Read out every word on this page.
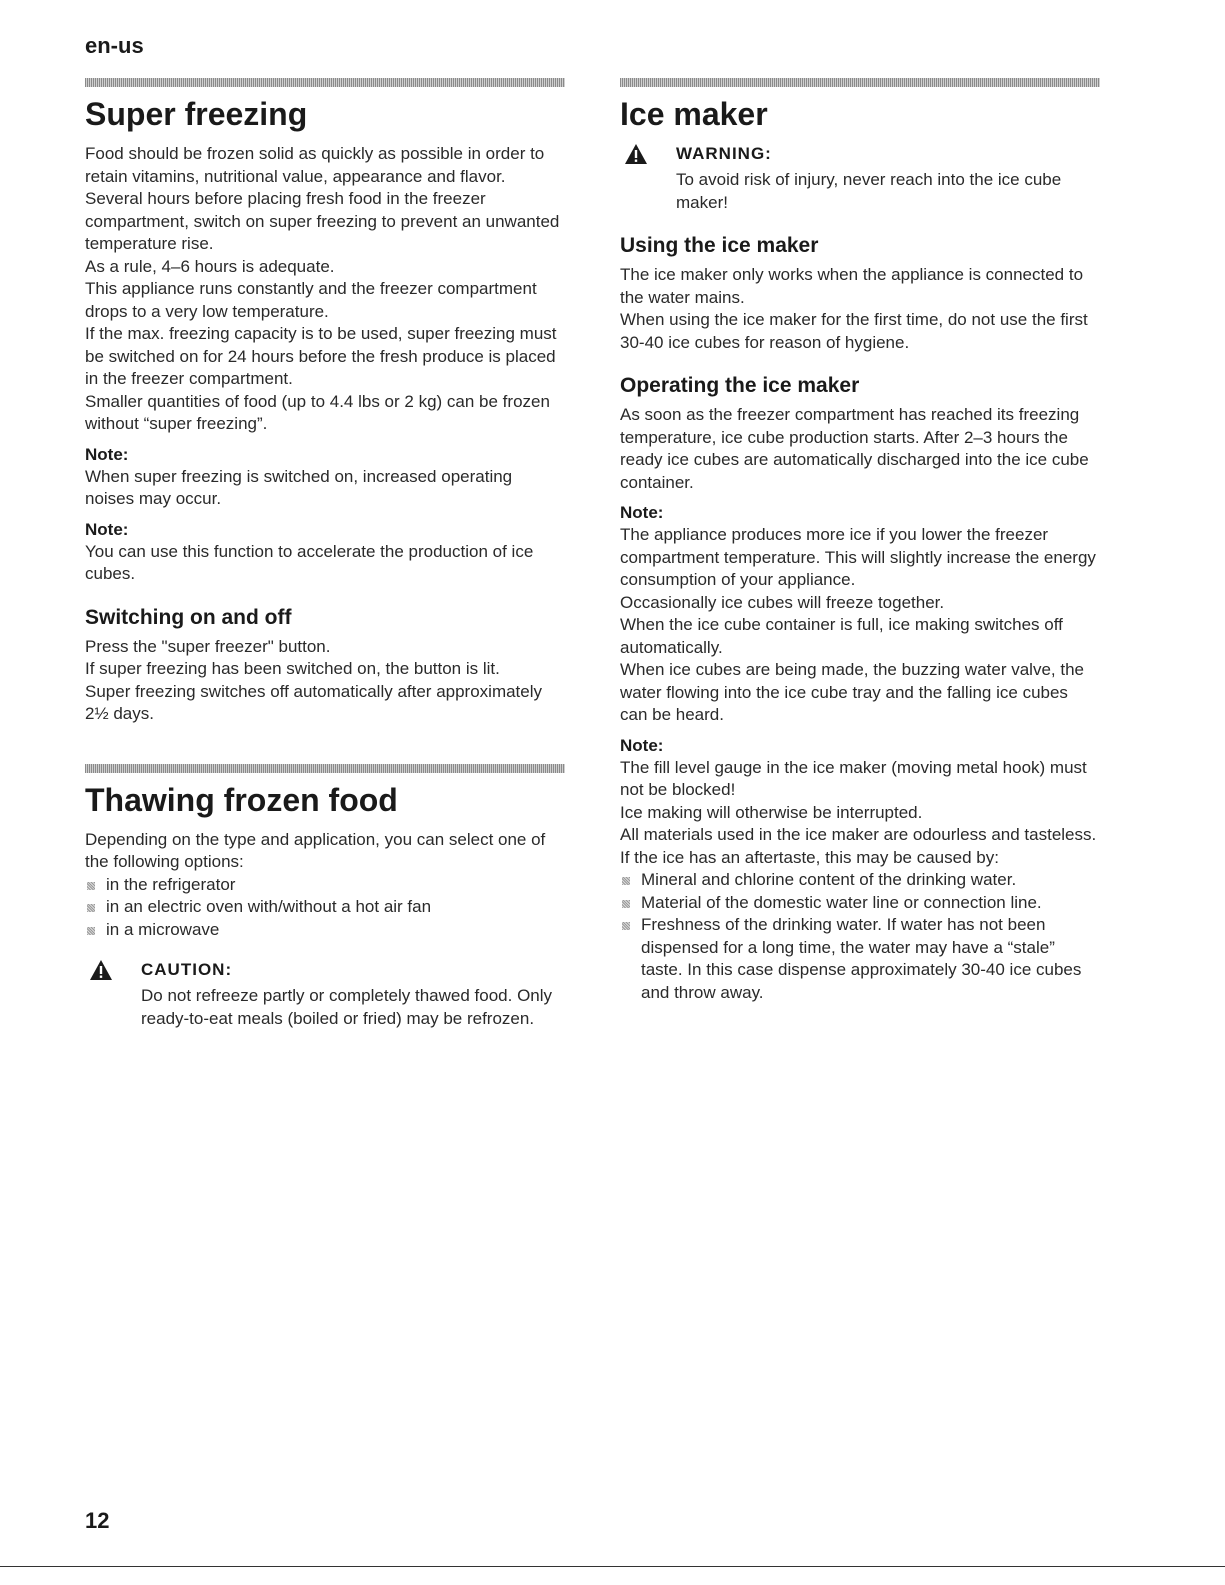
en-us
Super freezing

Food should be frozen solid as quickly as possible in order to retain vitamins, nutritional value, appearance and flavor.

Several hours before placing fresh food in the freezer compartment, switch on super freezing to prevent an unwanted temperature rise.

As a rule, 4–6 hours is adequate.

This appliance runs constantly and the freezer compartment drops to a very low temperature.

If the max. freezing capacity is to be used, super freezing must be switched on for 24 hours before the fresh produce is placed in the freezer compartment.

Smaller quantities of food (up to 4.4 lbs or 2 kg) can be frozen without “super freezing”.

Note:

When super freezing is switched on, increased operating noises may occur.

Note:

You can use this function to accelerate the production of ice cubes.

Switching on and off

Press the "super freezer" button.

If super freezing has been switched on, the button is lit.

Super freezing switches off automatically after approximately 2½ days.

Thawing frozen food

Depending on the type and application, you can select one of the following options:

in the refrigerator
in an electric oven with/without a hot air fan
in a microwave
CAUTION:

Do not refreeze partly or completely thawed food. Only ready-to-eat meals (boiled or fried) may be refrozen.

Ice maker
WARNING:

To avoid risk of injury, never reach into the ice cube maker!

Using the ice maker

The ice maker only works when the appliance is connected to the water mains.

When using the ice maker for the first time, do not use the first 30-40 ice cubes for reason of hygiene.

Operating the ice maker

As soon as the freezer compartment has reached its freezing temperature, ice cube production starts. After 2–3 hours the ready ice cubes are automatically discharged into the ice cube container.

Note:

The appliance produces more ice if you lower the freezer compartment temperature. This will slightly increase the energy consumption of your appliance.

Occasionally ice cubes will freeze together.

When the ice cube container is full, ice making switches off automatically.

When ice cubes are being made, the buzzing water valve, the water flowing into the ice cube tray and the falling ice cubes can be heard.

Note:

The fill level gauge in the ice maker (moving metal hook) must not be blocked!

Ice making will otherwise be interrupted.

All materials used in the ice maker are odourless and tasteless.

If the ice has an aftertaste, this may be caused by:

Mineral and chlorine content of the drinking water.
Material of the domestic water line or connection line.
Freshness of the drinking water. If water has not been dispensed for a long time, the water may have a “stale” taste. In this case dispense approximately 30-40 ice cubes and throw away.
12
